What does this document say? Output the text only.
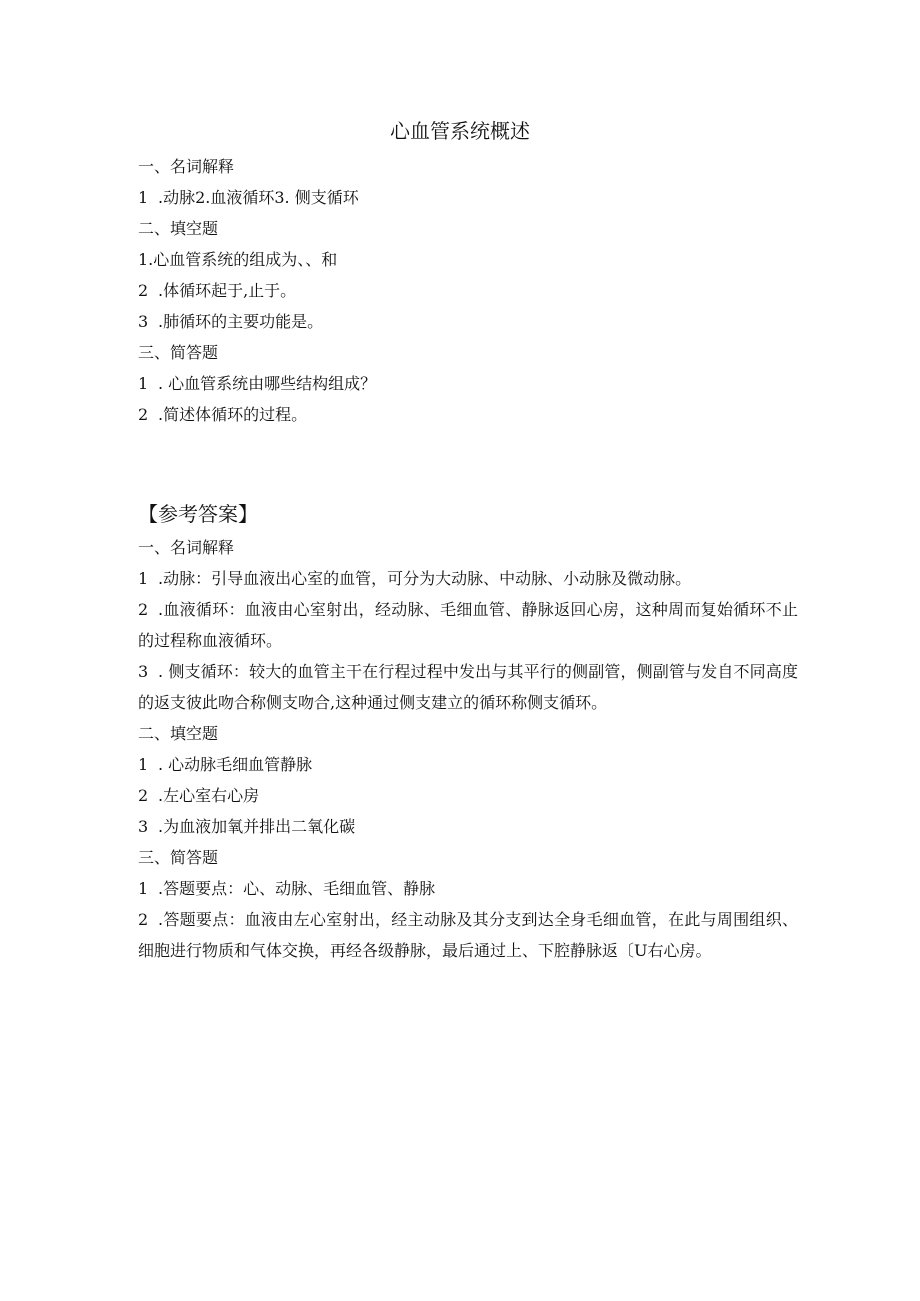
心血管系统概述
一、名词解释
1 .动脉2.血液循环3. 侧支循环
二、填空题
1.心血管系统的组成为、、和
2 .体循环起于,止于。
3 .肺循环的主要功能是。
三、简答题
1 . 心血管系统由哪些结构组成？
2 .简述体循环的过程。
【参考答案】
一、名词解释
1 .动脉：引导血液出心室的血管，可分为大动脉、中动脉、小动脉及微动脉。
2 .血液循环：血液由心室射出，经动脉、毛细血管、静脉返回心房，这种周而复始循环不止的过程称血液循环。
3 . 侧支循环：较大的血管主干在行程过程中发出与其平行的侧副管，侧副管与发自不同高度的返支彼此吻合称侧支吻合,这种通过侧支建立的循环称侧支循环。
二、填空题
1 . 心动脉毛细血管静脉
2 .左心室右心房
3 .为血液加氧并排出二氧化碳
三、简答题
1 .答题要点：心、动脉、毛细血管、静脉
2 .答题要点：血液由左心室射出，经主动脉及其分支到达全身毛细血管，在此与周围组织、细胞进行物质和气体交换，再经各级静脉，最后通过上、下腔静脉返〔U右心房。
